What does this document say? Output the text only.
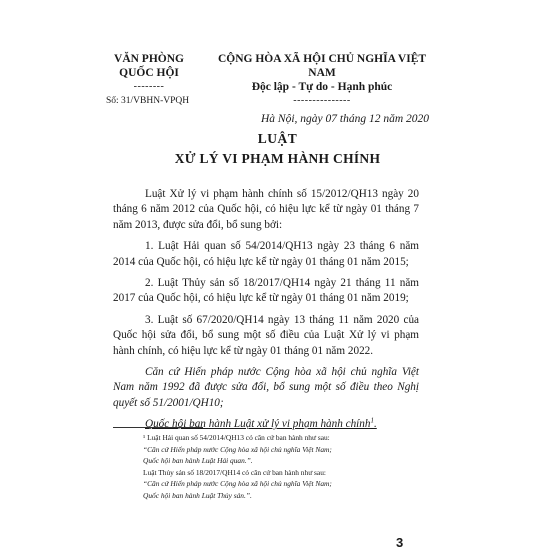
VĂN PHÒNG
QUỐC HỘI
--------
Số: 31/VBHN-VPQH
CỘNG HÒA XÃ HỘI CHỦ NGHĨA VIỆT NAM
Độc lập - Tự do - Hạnh phúc
---------------
Hà Nội, ngày 07 tháng 12 năm 2020
LUẬT
XỬ LÝ VI PHẠM HÀNH CHÍNH

Luật Xử lý vi phạm hành chính số 15/2012/QH13 ngày 20 tháng 6 năm 2012 của Quốc hội, có hiệu lực kể từ ngày 01 tháng 7 năm 2013, được sửa đổi, bổ sung bởi:

1. Luật Hải quan số 54/2014/QH13 ngày 23 tháng 6 năm 2014 của Quốc hội, có hiệu lực kể từ ngày 01 tháng 01 năm 2015;

2. Luật Thủy sản số 18/2017/QH14 ngày 21 tháng 11 năm 2017 của Quốc hội, có hiệu lực kể từ ngày 01 tháng 01 năm 2019;

3. Luật số 67/2020/QH14 ngày 13 tháng 11 năm 2020 của Quốc hội sửa đổi, bổ sung một số điều của Luật Xử lý vi phạm hành chính, có hiệu lực kể từ ngày 01 tháng 01 năm 2022.

Căn cứ Hiến pháp nước Cộng hòa xã hội chủ nghĩa Việt Nam năm 1992 đã được sửa đổi, bổ sung một số điều theo Nghị quyết số 51/2001/QH10;

Quốc hội ban hành Luật xử lý vi phạm hành chính$^1$.

¹ Luật Hải quan số 54/2014/QH13 có căn cứ ban hành như sau:
“Căn cứ Hiến pháp nước Cộng hòa xã hội chủ nghĩa Việt Nam;
Quốc hội ban hành Luật Hải quan.”.
Luật Thủy sản số 18/2017/QH14 có căn cứ ban hành như sau:
“Căn cứ Hiến pháp nước Cộng hòa xã hội chủ nghĩa Việt Nam;
Quốc hội ban hành Luật Thủy sản.”.
3
